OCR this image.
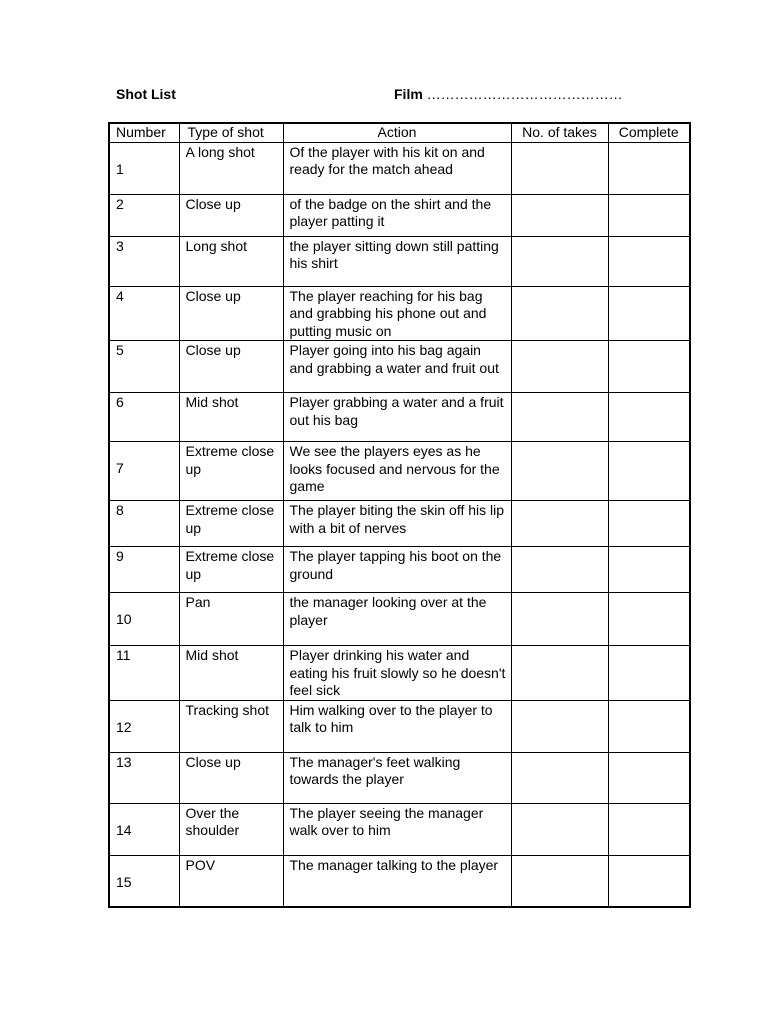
Shot List	Film ……………………………………
Number	Type of shot	Action	No. of takes	Complete

1	A long shot	Of the player with his kit on and ready for the match ahead		

2	Close up	of the badge on the shirt and the player patting it		

3	Long shot	the player sitting down still patting his shirt		

4	Close up	The player reaching for his bag and grabbing his phone out and putting music on		

5	Close up	Player going into his bag again and grabbing a water and fruit out		

6	Mid shot	Player grabbing a water and a fruit out his bag		

7	Extreme close up	We see the players eyes as he looks focused and nervous for the game		

8	Extreme close up	The player biting the skin off his lip with a bit of nerves		

9	Extreme close up	The player tapping his boot on the ground		

10	Pan	the manager looking over at the player		

11	Mid shot	Player drinking his water and eating his fruit slowly so he doesn't feel sick		

12	Tracking shot	Him walking over to the player to talk to him		

13	Close up	The manager's feet walking towards the player		

14	Over the shoulder	The player seeing the manager walk over to him		

15	POV	The manager talking to the player		
